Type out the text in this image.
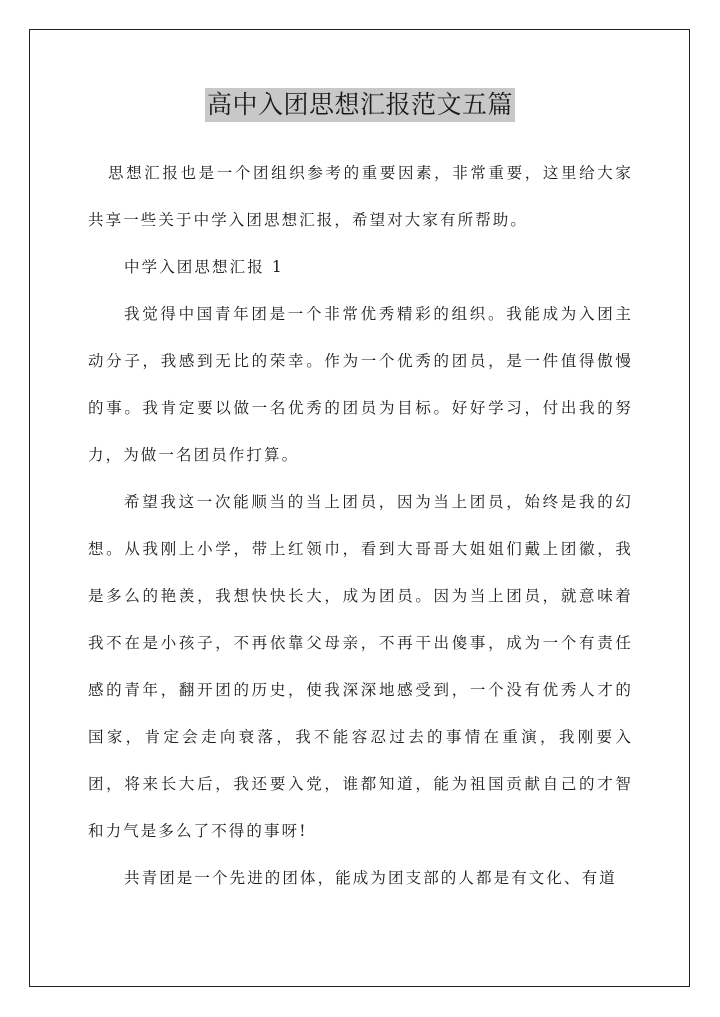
高中入团思想汇报范文五篇

思想汇报也是一个团组织参考的重要因素，非常重要，这里给大家共享一些关于中学入团思想汇报，希望对大家有所帮助。

中学入团思想汇报 1

我觉得中国青年团是一个非常优秀精彩的组织。我能成为入团主动分子，我感到无比的荣幸。作为一个优秀的团员，是一件值得傲慢的事。我肯定要以做一名优秀的团员为目标。好好学习，付出我的努力，为做一名团员作打算。

希望我这一次能顺当的当上团员，因为当上团员，始终是我的幻想。从我刚上小学，带上红领巾，看到大哥哥大姐姐们戴上团徽，我是多么的艳羡，我想快快长大，成为团员。因为当上团员，就意味着我不在是小孩子，不再依靠父母亲，不再干出傻事，成为一个有责任感的青年，翻开团的历史，使我深深地感受到，一个没有优秀人才的国家，肯定会走向衰落，我不能容忍过去的事情在重演，我刚要入团，将来长大后，我还要入党，谁都知道，能为祖国贡献自己的才智和力气是多么了不得的事呀!

共青团是一个先进的团体，能成为团支部的人都是有文化、有道
